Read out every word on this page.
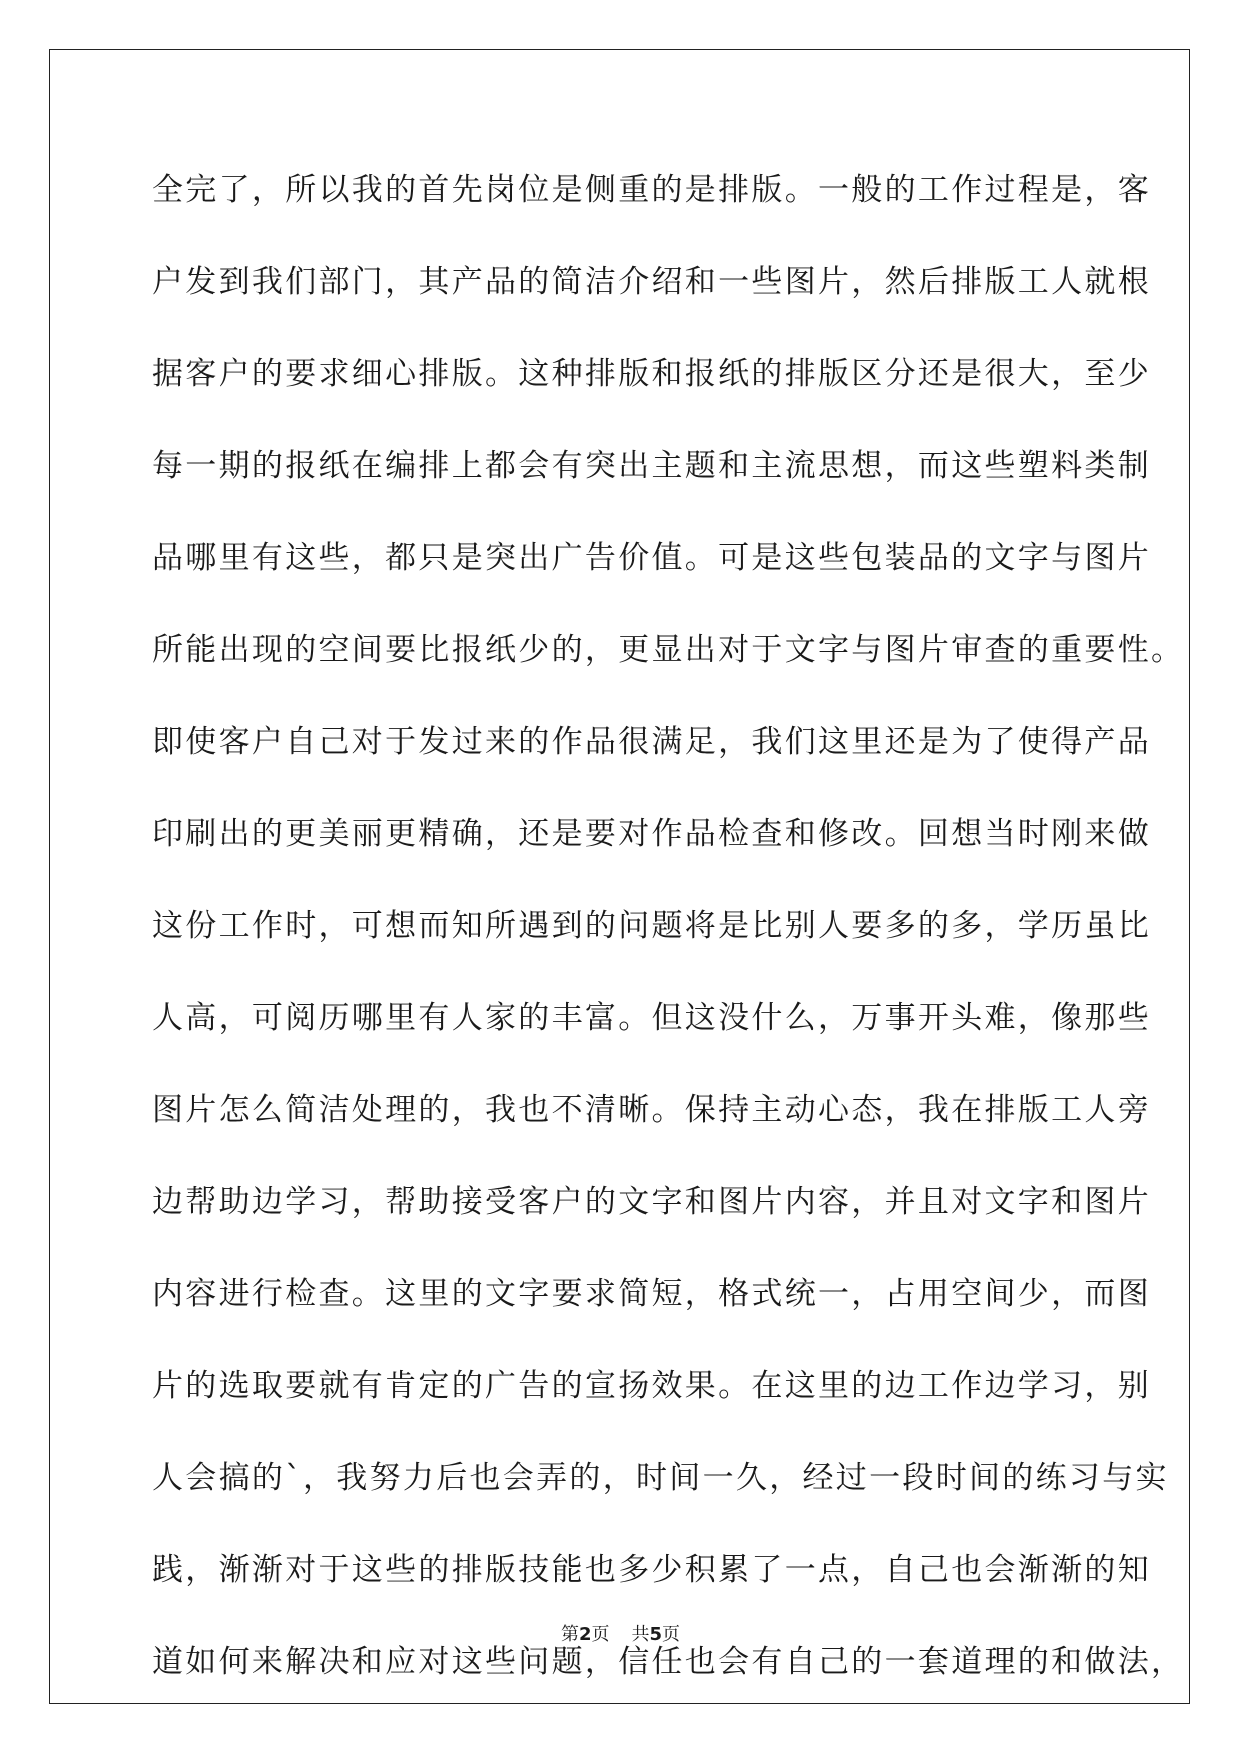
全完了，所以我的首先岗位是侧重的是排版。一般的工作过程是，客
户发到我们部门，其产品的简洁介绍和一些图片，然后排版工人就根
据客户的要求细心排版。这种排版和报纸的排版区分还是很大，至少
每一期的报纸在编排上都会有突出主题和主流思想，而这些塑料类制
品哪里有这些，都只是突出广告价值。可是这些包装品的文字与图片
所能出现的空间要比报纸少的，更显出对于文字与图片审查的重要性。
即使客户自己对于发过来的作品很满足，我们这里还是为了使得产品
印刷出的更美丽更精确，还是要对作品检查和修改。回想当时刚来做
这份工作时，可想而知所遇到的问题将是比别人要多的多，学历虽比
人高，可阅历哪里有人家的丰富。但这没什么，万事开头难，像那些
图片怎么简洁处理的，我也不清晰。保持主动心态，我在排版工人旁
边帮助边学习，帮助接受客户的文字和图片内容，并且对文字和图片
内容进行检查。这里的文字要求简短，格式统一，占用空间少，而图
片的选取要就有肯定的广告的宣扬效果。在这里的边工作边学习，别
人会搞的`，我努力后也会弄的，时间一久，经过一段时间的练习与实
践，渐渐对于这些的排版技能也多少积累了一点，自己也会渐渐的知
道如何来解决和应对这些问题，信任也会有自己的一套道理的和做法，
第2页 共5页
